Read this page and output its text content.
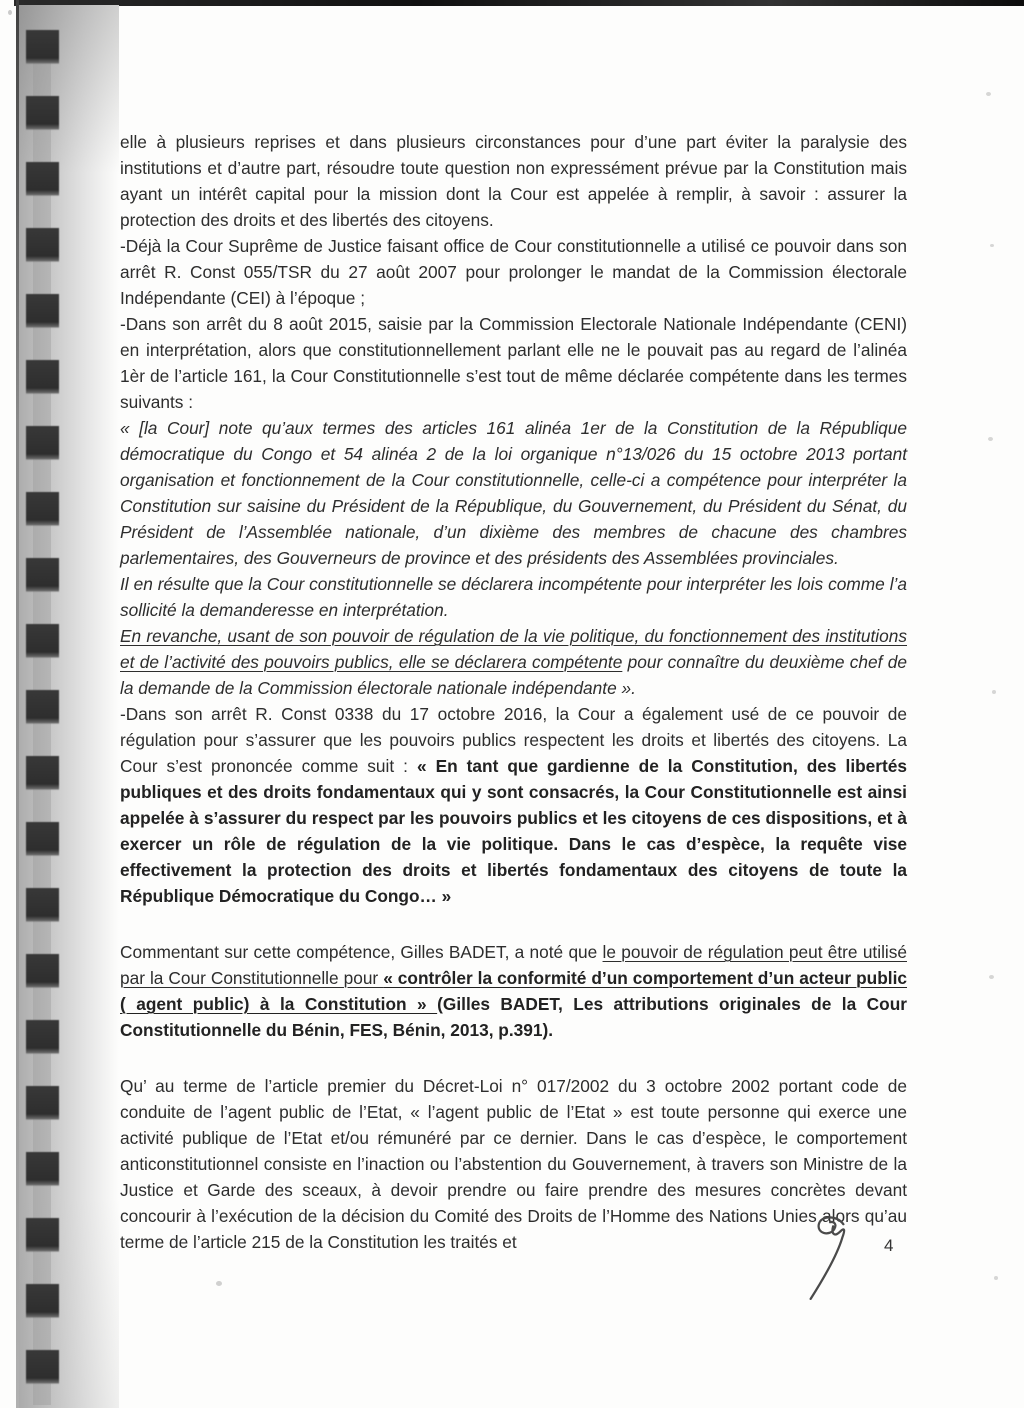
elle à plusieurs reprises et dans plusieurs circonstances pour d’une part éviter la paralysie des institutions et d’autre part, résoudre toute question non expressément prévue par la Constitution mais ayant un intérêt capital pour la mission dont la Cour est appelée à remplir, à savoir : assurer la protection des droits et des libertés des citoyens.

-Déjà la Cour Suprême de Justice faisant office de Cour constitutionnelle a utilisé ce pouvoir dans son arrêt R. Const 055/TSR du 27 août 2007 pour prolonger le mandat de la Commission électorale Indépendante (CEI) à l’époque ;

-Dans son arrêt du 8 août 2015, saisie par la Commission Electorale Nationale Indépendante (CENI) en interprétation, alors que constitutionnellement parlant elle ne le pouvait pas au regard de l’alinéa 1èr de l’article 161, la Cour Constitutionnelle s’est tout de même déclarée compétente dans les termes suivants :

« [la Cour] note qu’aux termes des articles 161 alinéa 1er de la Constitution de la République démocratique du Congo et 54 alinéa 2 de la loi organique n°13/026 du 15 octobre 2013 portant organisation et fonctionnement de la Cour constitutionnelle, celle-ci a compétence pour interpréter la Constitution sur saisine du Président de la République, du Gouvernement, du Président du Sénat, du Président de l’Assemblée nationale, d’un dixième des membres de chacune des chambres parlementaires, des Gouverneurs de province et des présidents des Assemblées provinciales.

Il en résulte que la Cour constitutionnelle se déclarera incompétente pour interpréter les lois comme l’a sollicité la demanderesse en interprétation.

En revanche, usant de son pouvoir de régulation de la vie politique, du fonctionnement des institutions et de l’activité des pouvoirs publics, elle se déclarera compétente pour connaître du deuxième chef de la demande de la Commission électorale nationale indépendante ».

-Dans son arrêt R. Const 0338 du 17 octobre 2016, la Cour a également usé de ce pouvoir de régulation pour s’assurer que les pouvoirs publics respectent les droits et libertés des citoyens. La Cour s’est prononcée comme suit : « En tant que gardienne de la Constitution, des libertés publiques et des droits fondamentaux qui y sont consacrés, la Cour Constitutionnelle est ainsi appelée à s’assurer du respect par les pouvoirs publics et les citoyens de ces dispositions, et à exercer un rôle de régulation de la vie politique. Dans le cas d’espèce, la requête vise effectivement la protection des droits et libertés fondamentaux des citoyens de toute la République Démocratique du Congo… »

Commentant sur cette compétence, Gilles BADET, a noté que le pouvoir de régulation peut être utilisé par la Cour Constitutionnelle pour « contrôler la conformité d’un comportement d’un acteur public ( agent public) à la Constitution » (Gilles BADET, Les attributions originales de la Cour Constitutionnelle du Bénin, FES, Bénin, 2013, p.391).

Qu’ au terme de l’article premier du Décret-Loi n° 017/2002 du 3 octobre 2002 portant code de conduite de l’agent public de l’Etat, « l’agent public de l’Etat » est toute personne qui exerce une activité publique de l’Etat et/ou rémunéré par ce dernier. Dans le cas d’espèce, le comportement anticonstitutionnel consiste en l’inaction ou l’abstention du Gouvernement, à travers son Ministre de la Justice et Garde des sceaux, à devoir prendre ou faire prendre des mesures concrètes devant concourir à l’exécution de la décision du Comité des Droits de l’Homme des Nations Unies alors qu’au terme de l’article 215 de la Constitution les traités et	4
